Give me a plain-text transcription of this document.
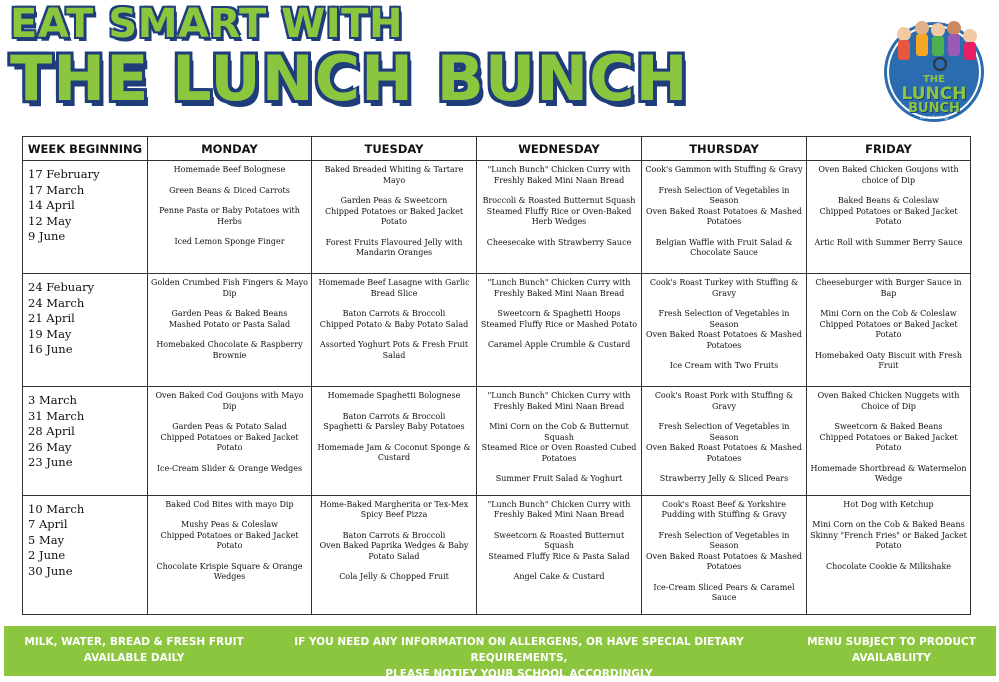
EAT SMART WITH
THE LUNCH BUNCH	THE
LUNCH
BUNCH
es catering
WEEK BEGINNING	MONDAY	TUESDAY	WEDNESDAY	THURSDAY	FRIDAY

17 February
17 March
14 April
12 May
9 June	Homemade Beef Bolognese
Green Beans & Diced Carrots
Penne Pasta or Baby Potatoes with Herbs
Iced Lemon Sponge Finger	Baked Breaded Whiting & Tartare Mayo
Garden Peas & Sweetcorn
Chipped Potatoes or Baked Jacket Potato
Forest Fruits Flavoured Jelly with Mandarin Oranges	"Lunch Bunch" Chicken Curry with Freshly Baked Mini Naan Bread
Broccoli & Roasted Butternut Squash
Steamed Fluffy Rice or Oven-Baked Herb Wedges
Cheesecake with Strawberry Sauce	Cook's Gammon with Stuffing & Gravy
Fresh Selection of Vegetables in Season
Oven Baked Roast Potatoes & Mashed Potatoes
Belgian Waffle with Fruit Salad & Chocolate Sauce	Oven Baked Chicken Goujons with choice of Dip
Baked Beans & Coleslaw
Chipped Potatoes or Baked Jacket Potato
Artic Roll with Summer Berry Sauce

24 Febuary
24 March
21 April
19 May
16 June	Golden Crumbed Fish Fingers & Mayo Dip
Garden Peas & Baked Beans
Mashed Potato or Pasta Salad
Homebaked Chocolate & Raspberry Brownie	Homemade Beef Lasagne with Garlic Bread Slice
Baton Carrots & Broccoli
Chipped Potato & Baby Potato Salad
Assorted Yoghurt Pots & Fresh Fruit Salad	"Lunch Bunch" Chicken Curry with Freshly Baked Mini Naan Bread
Sweetcorn & Spaghetti Hoops
Steamed Fluffy Rice or Mashed Potato
Caramel Apple Crumble & Custard	Cook's Roast Turkey with Stuffing & Gravy
Fresh Selection of Vegetables in Season
Oven Baked Roast Potatoes & Mashed Potatoes
Ice Cream with Two Fruits	Cheeseburger with Burger Sauce in Bap
Mini Corn on the Cob & Coleslaw
Chipped Potatoes or Baked Jacket Potato
Homebaked Oaty Biscuit with Fresh Fruit

3 March
31 March
28 April
26 May
23 June	Oven Baked Cod Goujons with Mayo Dip
Garden Peas & Potato Salad
Chipped Potatoes or Baked Jacket Potato
Ice-Cream Slider & Orange Wedges	Homemade Spaghetti Bolognese
Baton Carrots & Broccoli
Spaghetti & Parsley Baby Potatoes
Homemade Jam & Coconut Sponge & Custard	"Lunch Bunch" Chicken Curry with Freshly Baked Mini Naan Bread
Mini Corn on the Cob & Butternut Squash
Steamed Rice or Oven Roasted Cubed Potatoes
Summer Fruit Salad & Yoghurt	Cook's Roast Pork with Stuffing & Gravy
Fresh Selection of Vegetables in Season
Oven Baked Roast Potatoes & Mashed Potatoes
Strawberry Jelly & Sliced Pears	Oven Baked Chicken Nuggets with Choice of Dip
Sweetcorn & Baked Beans
Chipped Potatoes or Baked Jacket Potato
Homemade Shortbread & Watermelon Wedge

10 March
7 April
5 May
2 June
30 June	Baked Cod Bites with mayo Dip
Mushy Peas & Coleslaw
Chipped Potatoes or Baked Jacket Potato
Chocolate Krispie Square & Orange Wedges	Home-Baked Margherita or Tex-Mex Spicy Beef Pizza
Baton Carrots & Broccoli
Oven Baked Paprika Wedges & Baby Potato Salad
Cola Jelly & Chopped Fruit	"Lunch Bunch" Chicken Curry with Freshly Baked Mini Naan Bread
Sweetcorn & Roasted Butternut Squash
Steamed Fluffy Rice & Pasta Salad
Angel Cake & Custard	Cook's Roast Beef & Yorkshire Pudding with Stuffing & Gravy
Fresh Selection of Vegetables in Season
Oven Baked Roast Potatoes & Mashed Potatoes
Ice-Cream Sliced Pears & Caramel Sauce	Hot Dog with Ketchup
Mini Corn on the Cob & Baked Beans
Skinny "French Fries" or Baked Jacket Potato
Chocolate Cookie & Milkshake
MILK, WATER, BREAD & FRESH FRUIT
AVAILABLE DAILY
IF YOU NEED ANY INFORMATION ON ALLERGENS, OR HAVE SPECIAL DIETARY REQUIREMENTS,
PLEASE NOTIFY YOUR SCHOOL ACCORDINGLY
MENU SUBJECT TO PRODUCT
AVAILABLIITY
